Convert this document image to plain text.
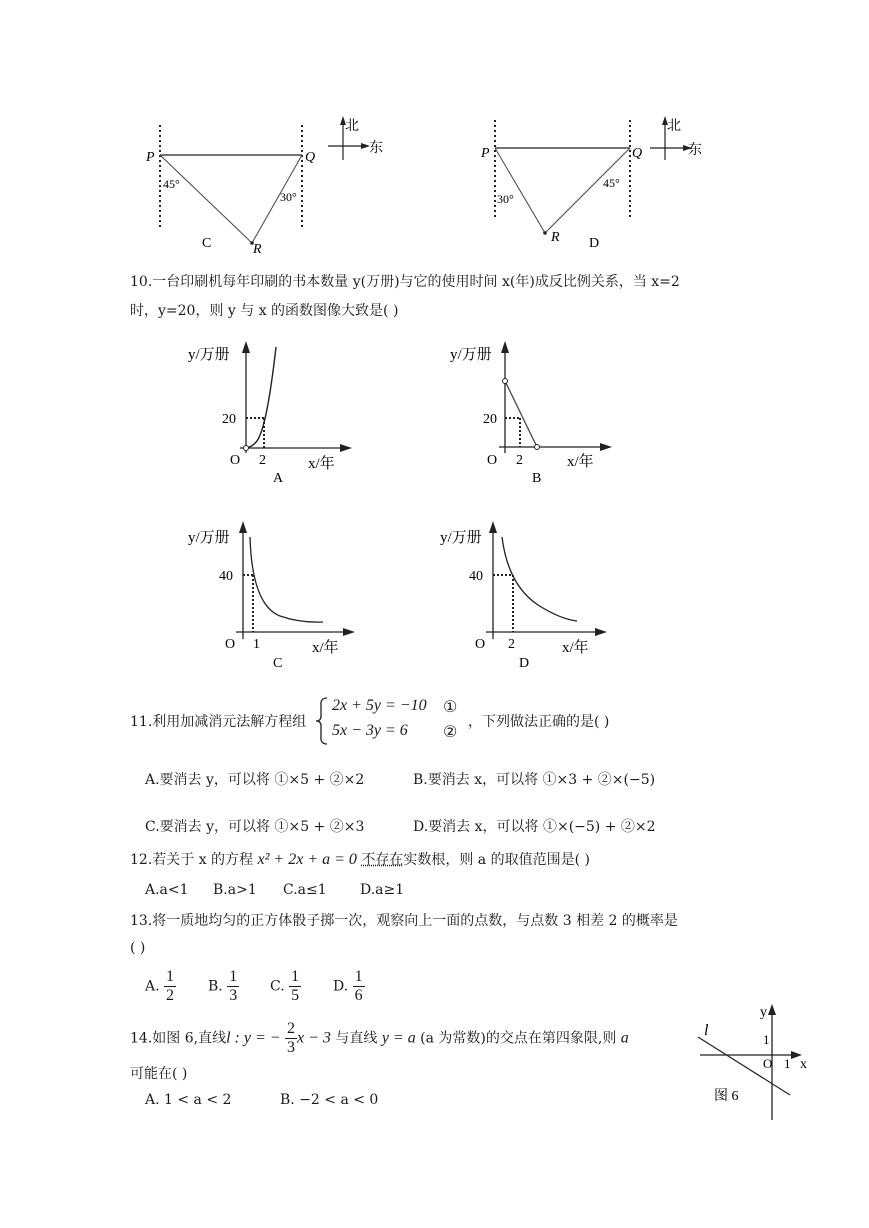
P	Q
R
45°
30°
C
北
东	P	Q
R
30°
45°
D
北
东
10.一台印刷机每年印刷的书本数量 y(万册)与它的使用时间 x(年)成反比例关系，当 x=2
时，y=20，则 y 与 x 的函数图像大致是( )
y/万册
20
O 2	x/年
A
y/万册
20
O 2	x/年
B
y/万册
40
O 1	x/年
C
y/万册
40
O 2	x/年
D
11.利用加减消元法解方程组
2x + 5y = −10 ①
5x − 3y = 6 ② ，下列做法正确的是( )
A.要消去 y，可以将 ①×5 + ②×2	B.要消去 x，可以将 ①×3 + ②×(−5)
C.要消去 y，可以将 ①×5 + ②×3	D.要消去 x，可以将 ①×(−5) + ②×2
12.若关于 x 的方程 x² + 2x + a = 0 不存在实数根，则 a 的取值范围是( )
A.a<1 B.a>1 C.a≤1 D.a≥1
13.将一质地均匀的正方体骰子掷一次，观察向上一面的点数，与点数 3 相差 2 的概率是
( )
A. $\frac{1}{2} B$. $\frac{1}{3} C$. $\frac{1}{5} D$. $\frac{1}{6}$
14.如图 6,直线l : y = − $\frac{2}{3}$ x − 3 与直线 y = a (a 为常数)的交点在第四象限,则 a
可能在( )
A. 1 < a < 2	B. −2 < a < 0
l
y
1
O 1 x
图 6
